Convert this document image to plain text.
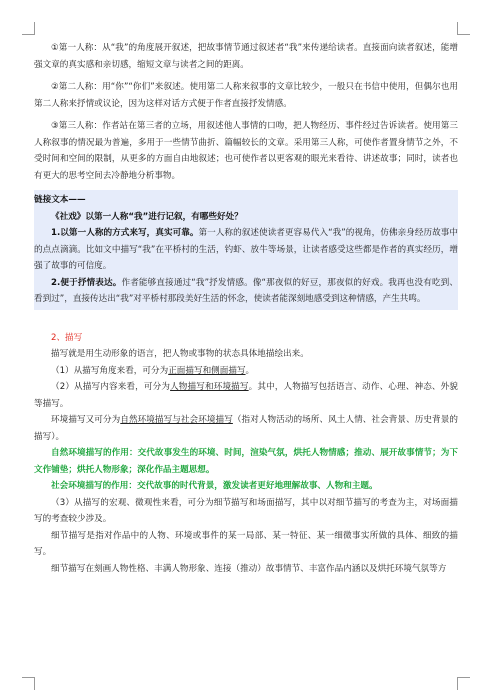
①第一人称：从“我”的角度展开叙述，把故事情节通过叙述者“我”来传递给读者。直接面向读者叙述，能增强文章的真实感和亲切感，缩短文章与读者之间的距离。

②第二人称：用“你”“你们”来叙述。使用第二人称来叙事的文章比较少，一般只在书信中使用，但偶尔也用第二人称来抒情或议论，因为这样对话方式便于作者直接抒发情感。

③第三人称：作者站在第三者的立场，用叙述他人事情的口吻，把人物经历、事件经过告诉读者。使用第三人称叙事的情况最为普遍，多用于一些情节曲折、篇幅较长的文章。采用第三人称，可使作者置身情节之外，不受时间和空间的限制，从更多的方面自由地叙述；也可使作者以更客观的眼光来看待、讲述故事；同时，读者也有更大的思考空间去冷静地分析事物。

链接文本——

《社戏》以第一人称“我”进行记叙，有哪些好处？

1.以第一人称的方式来写，真实可靠。第一人称的叙述使读者更容易代入“我”的视角，仿佛亲身经历故事中的点点滴滴。比如文中描写“我”在平桥村的生活，钓虾、放牛等场景，让读者感受这些都是作者的真实经历，增强了故事的可信度。

2.便于抒情表达。作者能够直接通过“我”抒发情感。像“那夜似的好豆，那夜似的好戏。我再也没有吃到、看到过”，直接传达出“我”对平桥村那段美好生活的怀念，使读者能深刻地感受到这种情感，产生共鸣。

2、描写

描写就是用生动形象的语言，把人物或事物的状态具体地描绘出来。

（1）从描写角度来看，可分为正面描写和侧面描写。

（2）从描写内容来看，可分为人物描写和环境描写。其中，人物描写包括语言、动作、心理、神态、外貌等描写。

环境描写又可分为自然环境描写与社会环境描写（指对人物活动的场所、风土人情、社会背景、历史背景的描写）。

自然环境描写的作用：交代故事发生的环境、时间，渲染气氛，烘托人物情感；推动、展开故事情节；为下文作铺垫；烘托人物形象；深化作品主题思想。

社会环境描写的作用：交代故事的时代背景，激发读者更好地理解故事、人物和主题。

（3）从描写的宏观、微观性来看，可分为细节描写和场面描写，其中以对细节描写的考查为主，对场面描写的考查较少涉及。

细节描写是指对作品中的人物、环境或事件的某一局部、某一特征、某一细微事实所做的具体、细致的描写。

细节描写在刻画人物性格、丰满人物形象、连接（推动）故事情节、丰富作品内涵以及烘托环境气氛等方
